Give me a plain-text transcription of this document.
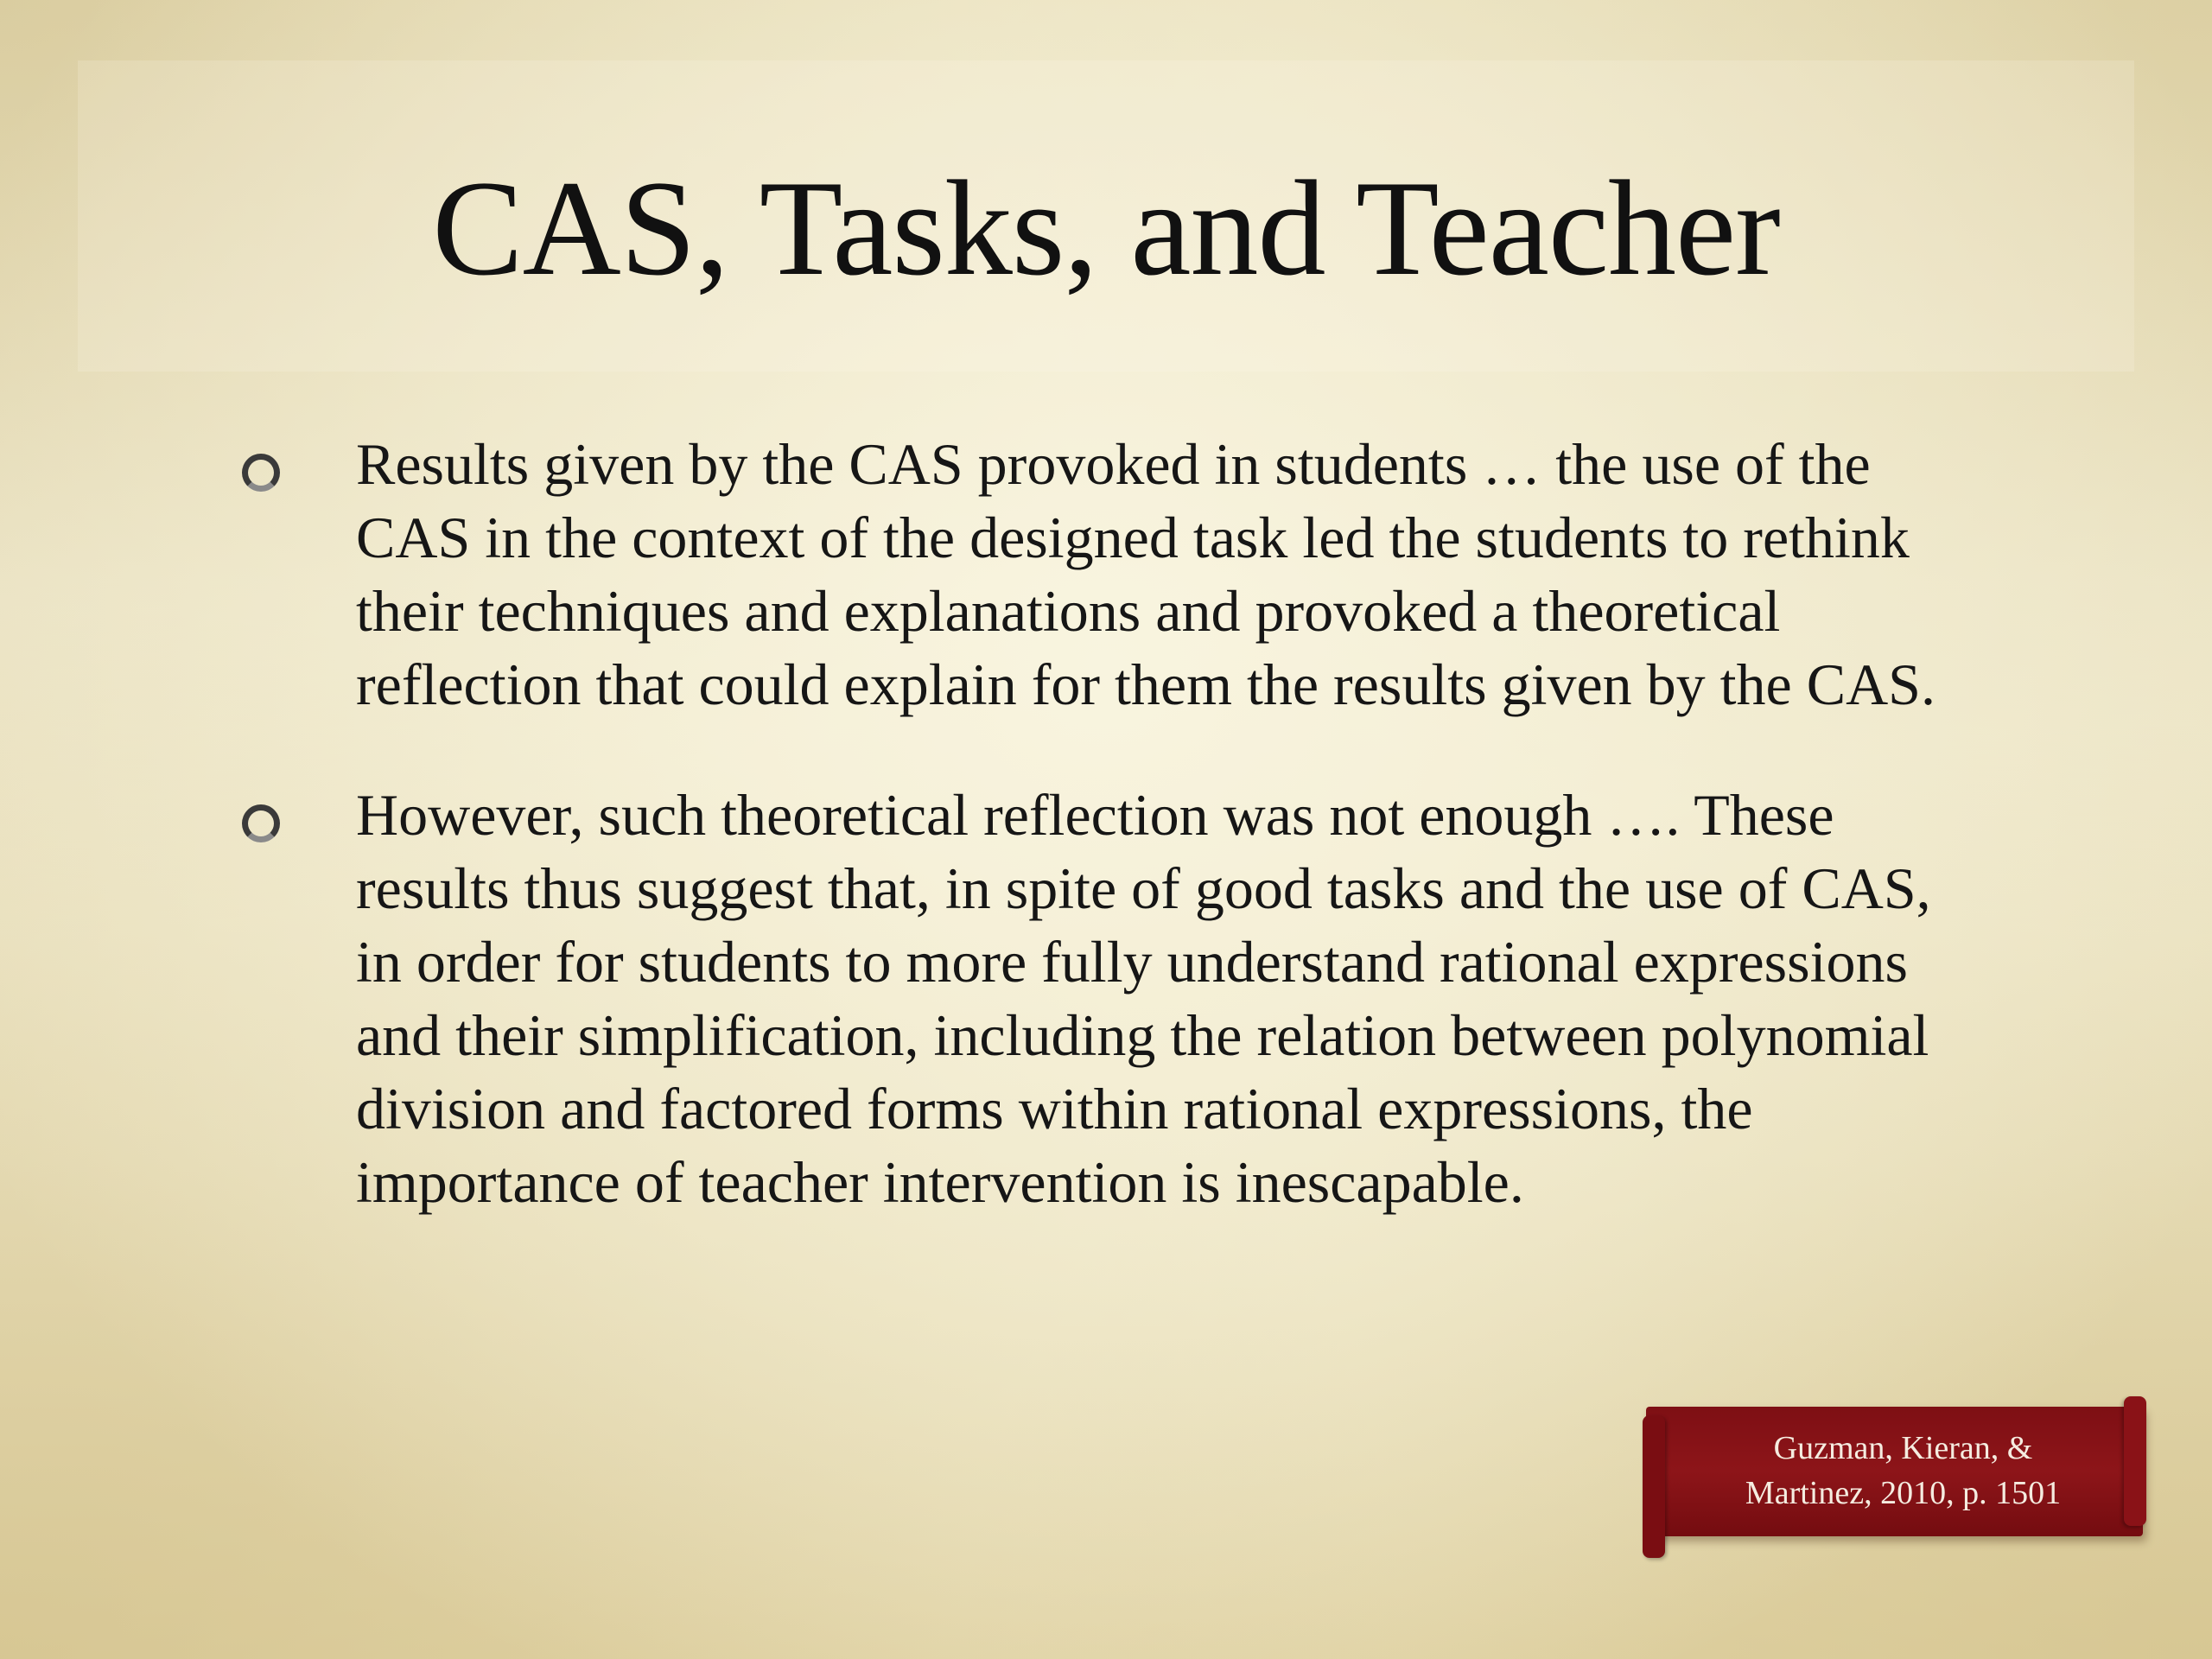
CAS, Tasks, and Teacher
Results given by the CAS provoked in students … the use of the CAS in the context of the designed task led the students to rethink their techniques and explanations and provoked a theoretical reflection that could explain for them the results given by the CAS.
However, such theoretical reflection was not enough …. These results thus suggest that, in spite of good tasks and the use of CAS, in order for students to more fully understand rational expressions and their simplification, including the relation between polynomial division and factored forms within rational expressions, the importance of teacher intervention is inescapable.
Guzman, Kieran, &
Martinez, 2010, p. 1501
